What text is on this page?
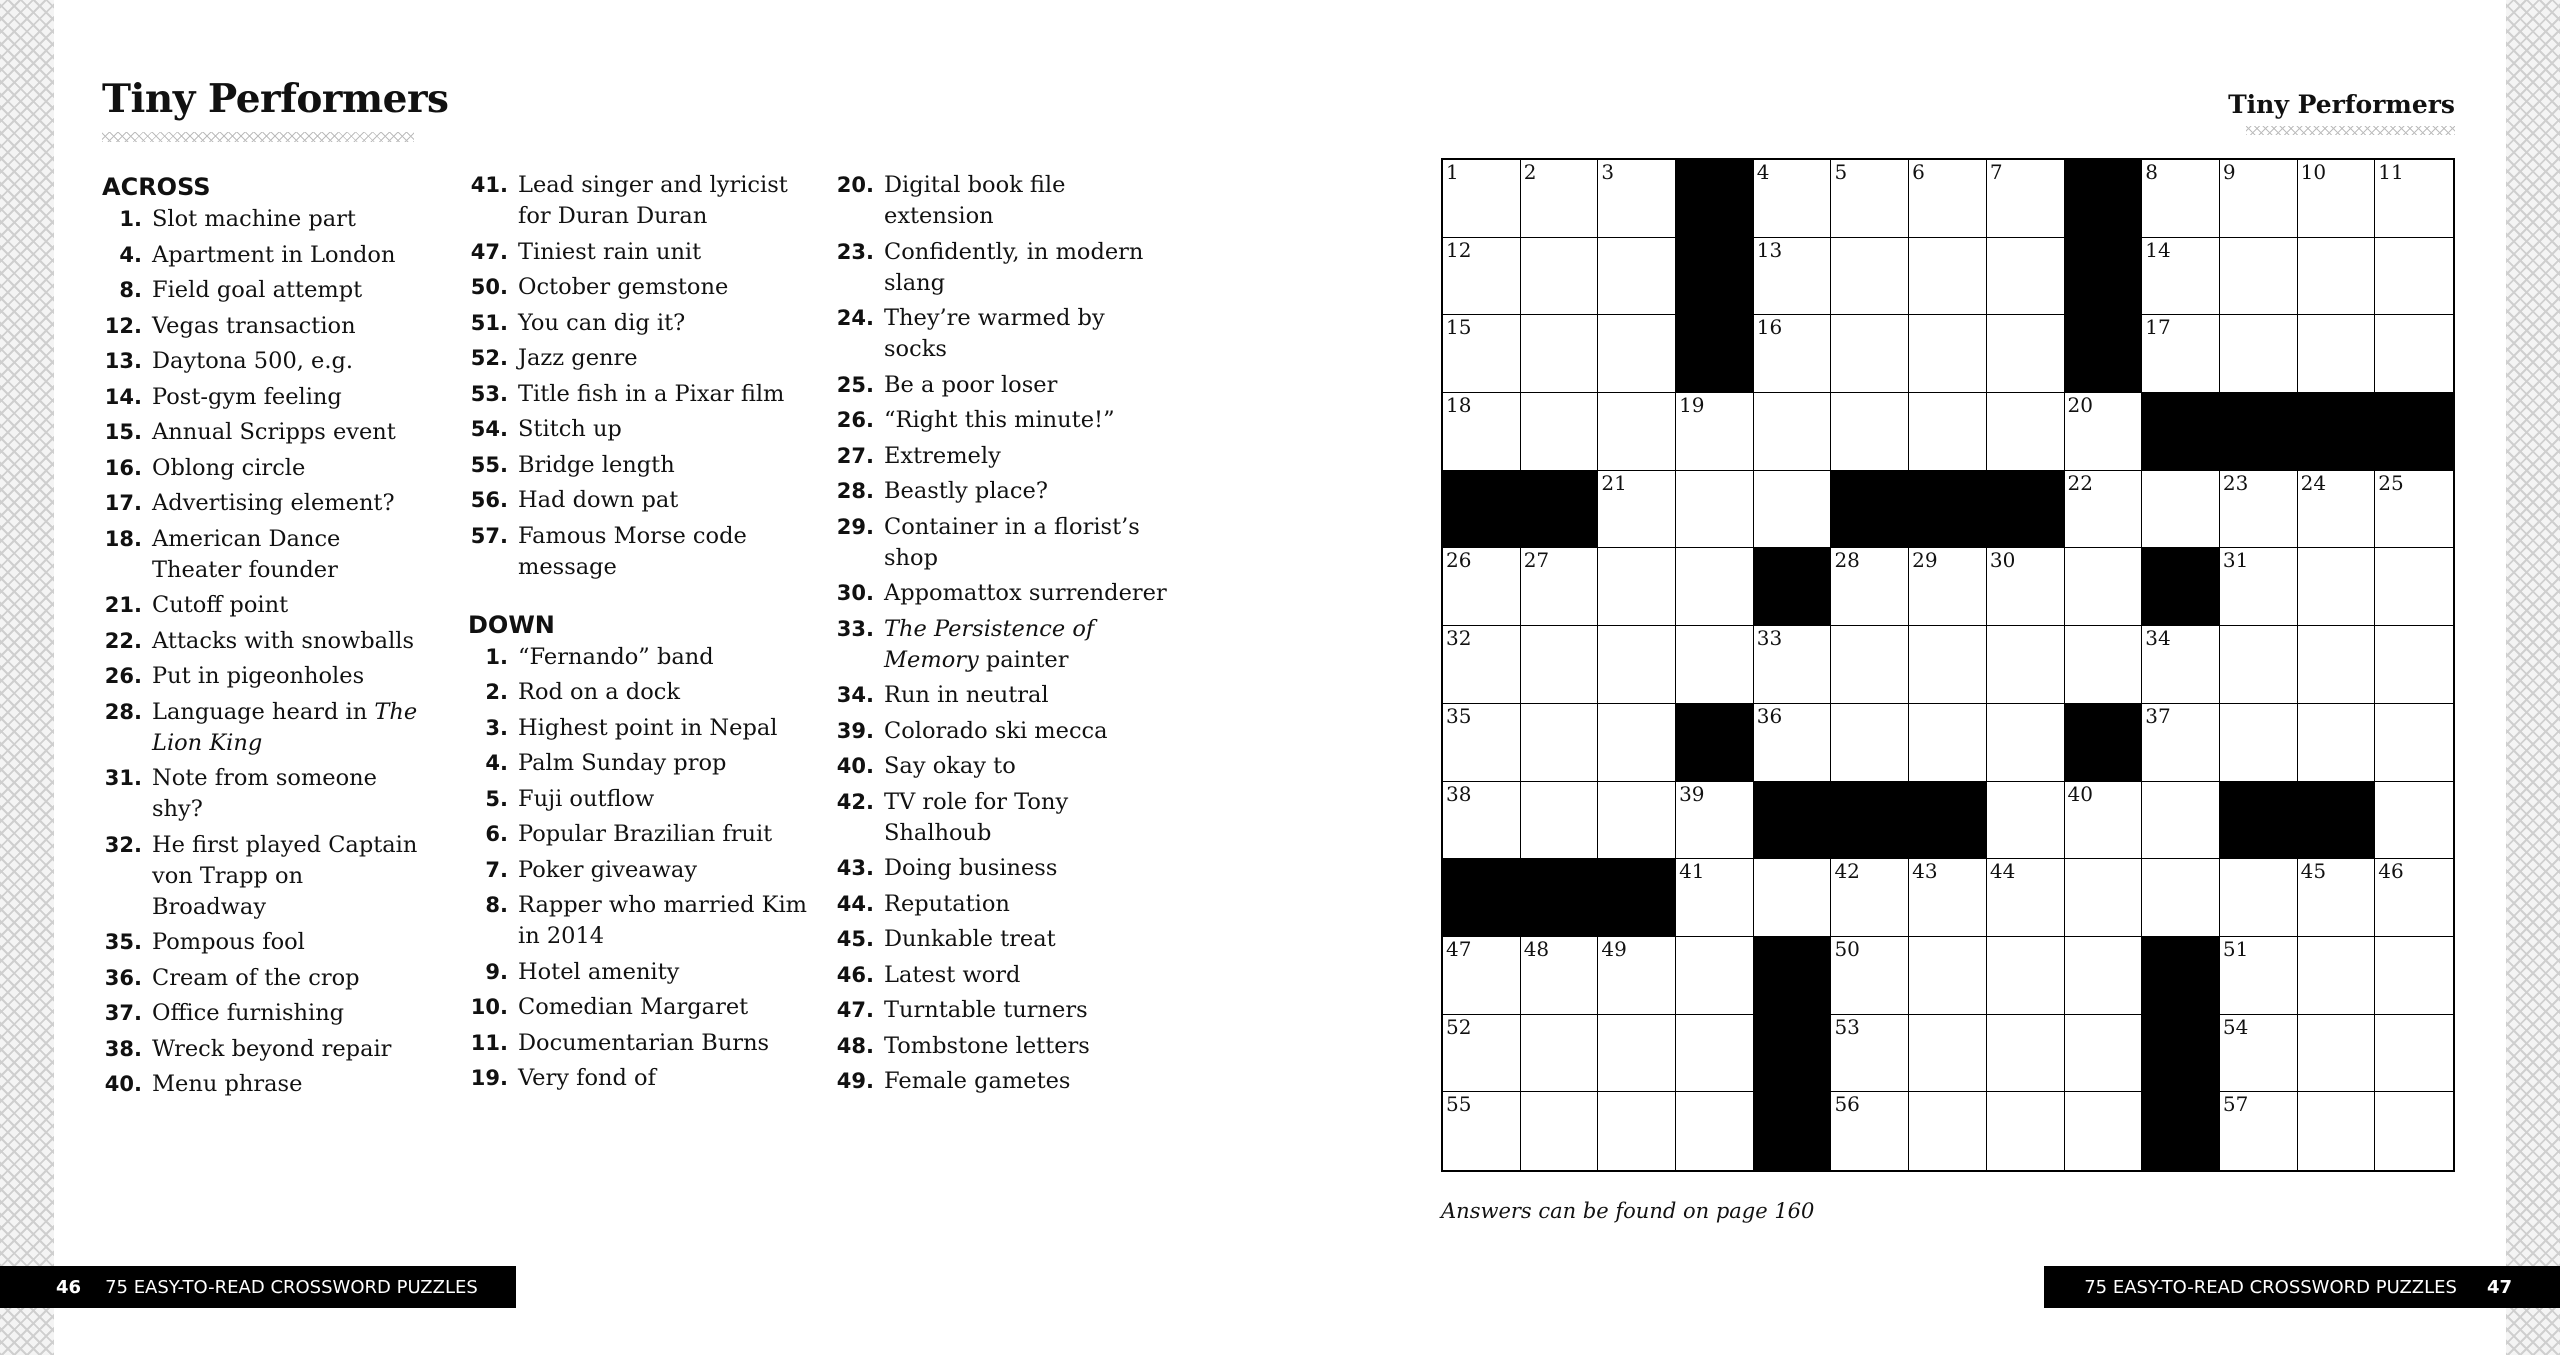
Tiny Performers	Tiny Performers
ACROSS
1. Slot machine part
4. Apartment in London
8. Field goal attempt
12. Vegas transaction
13. Daytona 500, e.g.
14. Post-gym feeling
15. Annual Scripps event
16. Oblong circle
17. Advertising element?
18. American Dance Theater founder
21. Cutoff point
22. Attacks with snowballs
26. Put in pigeonholes
28. Language heard in The Lion King
31. Note from someone shy?
32. He first played Captain von Trapp on Broadway
35. Pompous fool
36. Cream of the crop
37. Office furnishing
38. Wreck beyond repair
40. Menu phrase
41. Lead singer and lyricist for Duran Duran
47. Tiniest rain unit
50. October gemstone
51. You can dig it?
52. Jazz genre
53. Title fish in a Pixar film
54. Stitch up
55. Bridge length
56. Had down pat
57. Famous Morse code message
DOWN
1. “Fernando” band
2. Rod on a dock
3. Highest point in Nepal
4. Palm Sunday prop
5. Fuji outflow
6. Popular Brazilian fruit
7. Poker giveaway
8. Rapper who married Kim in 2014
9. Hotel amenity
10. Comedian Margaret
11. Documentarian Burns
19. Very fond of
20. Digital book file extension
23. Confidently, in modern slang
24. They’re warmed by socks
25. Be a poor loser
26. “Right this minute!”
27. Extremely
28. Beastly place?
29. Container in a florist’s shop
30. Appomattox surrenderer
33. The Persistence of Memory painter
34. Run in neutral
39. Colorado ski mecca
40. Say okay to
42. TV role for Tony Shalhoub
43. Doing business
44. Reputation
45. Dunkable treat
46. Latest word
47. Turntable turners
48. Tombstone letters
49. Female gametes
1	2	3	4	5	6	7	8	9	10	11
12	13	14
15	16	17
18	19	20
21	22	23	24	25
26	27	28	29	30	31
32	33	34
35	36	37
38	39	40
41	42	43	44	45	46
47	48	49	50	51
52	53	54
55	56	57
Answers can be found on page 160
46 75 EASY-TO-READ CROSSWORD PUZZLES	75 EASY-TO-READ CROSSWORD PUZZLES 47
